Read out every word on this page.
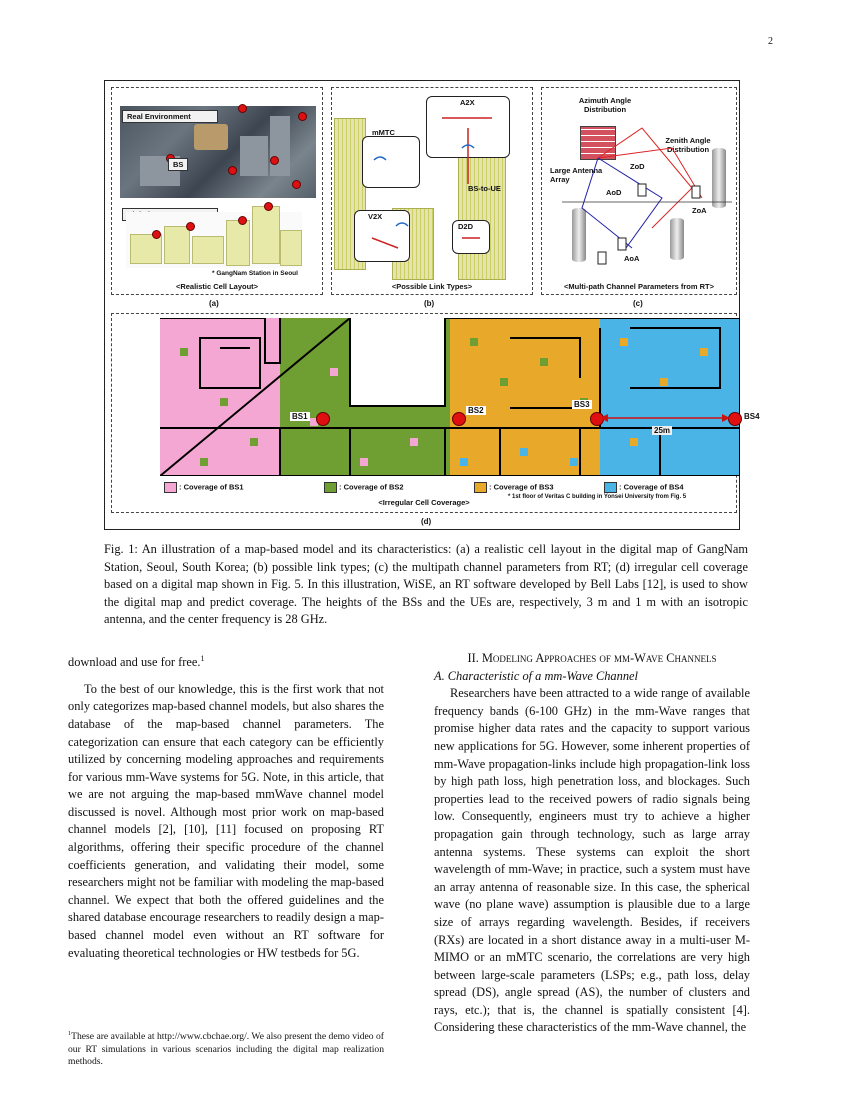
2
Real Environment
BS
* GangNam Station in Seoul
<Realistic Cell Layout>
(a)
A2X
mMTC
BS-to-UE
V2X
D2D
<Possible Link Types>
(b)
Azimuth Angle Distribution
Zenith Angle Distribution
Large Antenna Array
ZoD
AoD
ZoA
AoA
<Multi-path Channel Parameters from RT>
(c)
BS1
BS2
BS3
BS4
25m
: Coverage of BS1	: Coverage of BS2	: Coverage of BS3	: Coverage of BS4
* 1st floor of Veritas C building in Yonsei University from Fig. 5
<Irregular Cell Coverage>
(d)
Fig. 1: An illustration of a map-based model and its characteristics: (a) a realistic cell layout in the digital map of GangNam Station, Seoul, South Korea; (b) possible link types; (c) the multipath channel parameters from RT; (d) irregular cell coverage based on a digital map shown in Fig. 5. In this illustration, WiSE, an RT software developed by Bell Labs [12], is used to show the digital map and predict coverage. The heights of the BSs and the UEs are, respectively, 3 m and 1 m with an isotropic antenna, and the center frequency is 28 GHz.

download and use for free.$^1$

To the best of our knowledge, this is the first work that not only categorizes map-based channel models, but also shares the database of the map-based channel parameters. The categorization can ensure that each category can be efficiently utilized by concerning modeling approaches and requirements for various mm-Wave systems for 5G. Note, in this article, that we are not arguing the map-based mmWave channel model discussed is novel. Although most prior work on map-based channel models [2], [10], [11] focused on proposing RT algorithms, offering their specific procedure of the channel coefficients generation, and validating their model, some researchers might not be familiar with modeling the map-based channel. We expect that both the offered guidelines and the shared database encourage researchers to readily design a map-based channel model even without an RT software for evaluating theoretical technologies or HW testbeds for 5G.

$^1$These are available at http://www.cbchae.org/. We also present the demo video of our RT simulations in various scenarios including the digital map realization methods.

II. Modeling Approaches of mm-Wave Channels

A. Characteristic of a mm-Wave Channel

Researchers have been attracted to a wide range of available frequency bands (6-100 GHz) in the mm-Wave ranges that promise higher data rates and the capacity to support various new applications for 5G. However, some inherent properties of mm-Wave propagation-links include high propagation-link loss by high path loss, high penetration loss, and blockages. Such properties lead to the received powers of radio signals being low. Consequently, engineers must try to achieve a higher propagation gain through technology, such as large array antenna systems. These systems can exploit the short wavelength of mm-Wave; in practice, such a system must have an array antenna of reasonable size. In this case, the spherical wave (no plane wave) assumption is plausible due to a large size of arrays regarding wavelength. Besides, if receivers (RXs) are located in a short distance away in a multi-user M-MIMO or an mMTC scenario, the correlations are very high between large-scale parameters (LSPs; e.g., path loss, delay spread (DS), angle spread (AS), the number of clusters and rays, etc.); that is, the channel is spatially consistent [4]. Considering these characteristics of the mm-Wave channel, the
